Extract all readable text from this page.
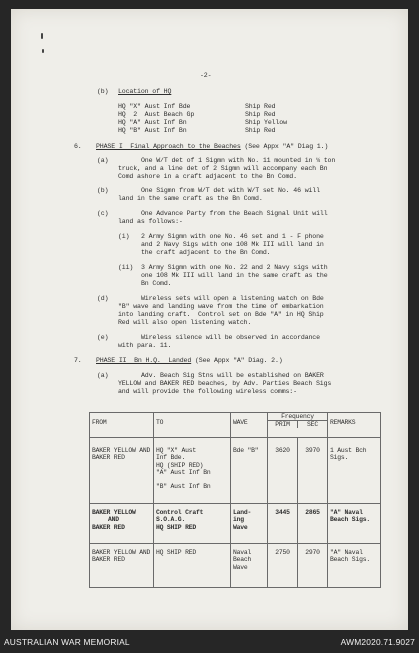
-2-
(b) Location of HQ
HQ "X" Aust Inf Bde	Ship Red
HQ  2  Aust Beach Gp	Ship Red
HQ "A" Aust Inf Bn	Ship Yellow
HQ "B" Aust Inf Bn	Ship Red
6. PHASE I  Final Approach to the Beaches (See Appx "A" Diag 1.)
(a)	One W/T det of 1 Sigmn with No. 11 mounted in ¼ ton
truck, and a line det of 2 Sigmn will accompany each Bn
Comd ashore in a craft adjacent to the Bn Comd.
(b)	One Sigmn from W/T det with W/T set No. 46 will
land in the same craft as the Bn Comd.
(c)	One Advance Party from the Beach Signal Unit will
land as follows:-
(i) 2 Army Sigmn with one No. 46 set and 1 - F phone
and 2 Navy Sigs with one 108 Mk III will land in
the craft adjacent to the Bn Comd.
(ii) 3 Army Sigmn with one No. 22 and 2 Navy sigs with
one 108 Mk III will land in the same craft as the
Bn Comd.
(d)	Wireless sets will open a listening watch on Bde
"B" wave and landing wave from the time of embarkation
into landing craft.  Control set on Bde "A" in HQ Ship
Red will also open listening watch.
(e)	Wireless silence will be observed in accordance
with para. 11.
7. PHASE II  Bn H.Q.  Landed (See Appx "A" Diag. 2.)
(a)	Adv. Beach Sig Stns will be established on BAKER
YELLOW and BAKER RED beaches, by Adv. Parties Beach Sigs
and will provide the following wireless comms:-
FROM	TO	WAVE	Frequency
PRIM SEC		REMARKS

BAKER YELLOW AND
BAKER RED	HQ "X" Aust
Inf Bde.
HQ (SHIP RED)
"A" Aust Inf Bn
"B" Aust Inf Bn	Bde "B"	3620	3970	1 Aust Bch
Sigs.

BAKER YELLOW
AND
BAKER RED	Control Craft
S.O.A.G.
HQ SHIP RED	Land-
ing
Wave	3445	2865	"A" Naval
Beach Sigs.

BAKER YELLOW AND
BAKER RED	HQ SHIP RED	Naval
Beach
Wave	2750	2970	"A" Naval
Beach Sigs.
AUSTRALIAN WAR MEMORIAL	AWM2020.71.9027
